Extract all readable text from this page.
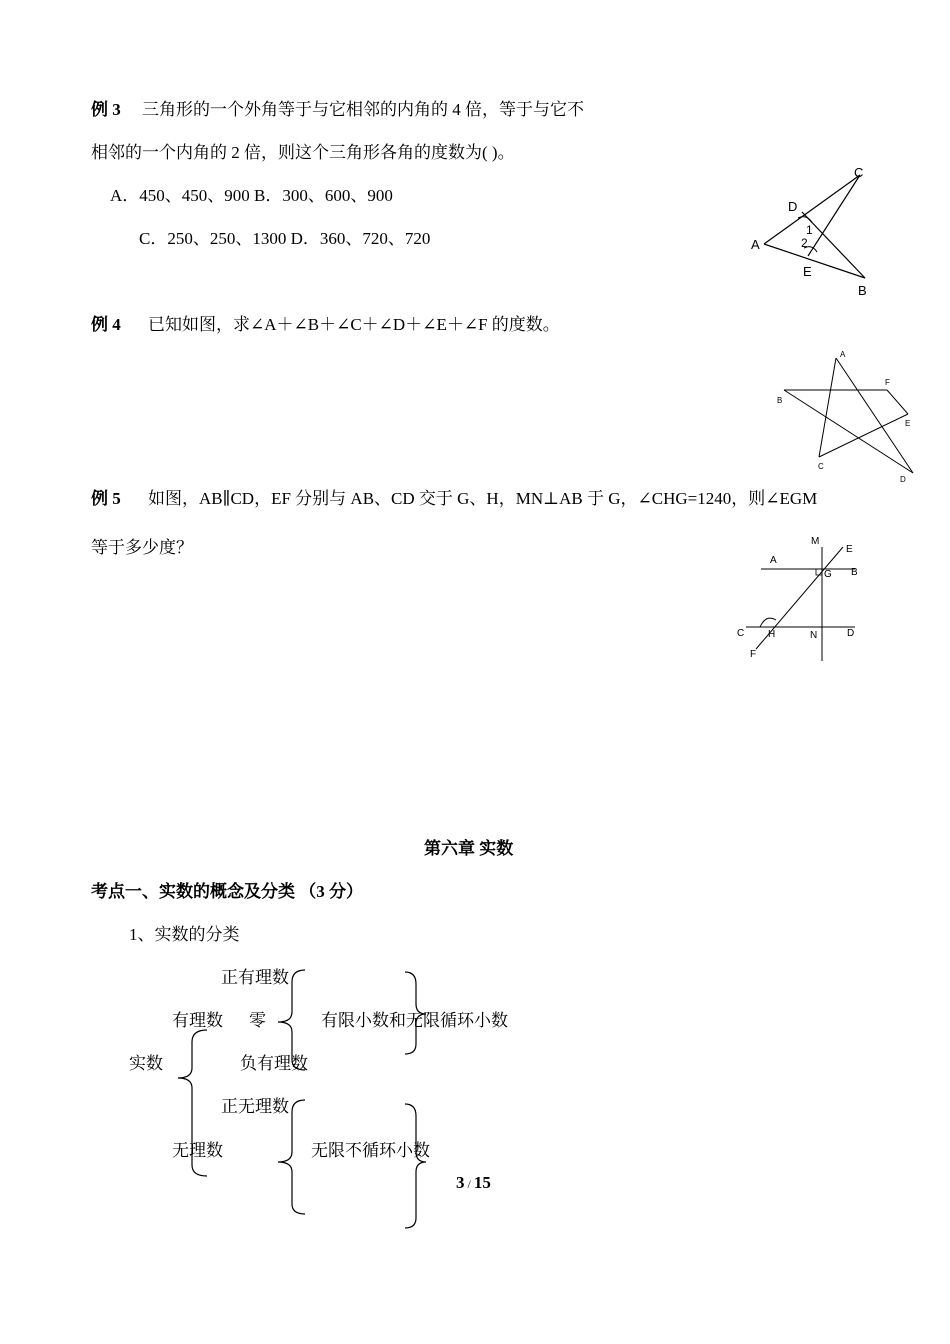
例 3 三角形的一个外角等于与它相邻的内角的 4 倍，等于与它不
相邻的一个内角的 2 倍，则这个三角形各角的度数为( )。
A．450、450、900 B．300、600、900
C．250、250、1300 D．360、720、720
C
D
A
1
2
E
B
例 4 已知如图，求∠A＋∠B＋∠C＋∠D＋∠E＋∠F 的度数。
A
F
B
E
C
D
例 5 如图，AB∥CD，EF 分别与 AB、CD 交于 G、H，MN⊥AB 于 G，∠CHG=1240，则∠EGM
等于多少度？	M
E
A
G B
C H	N	D
F
第六章 实数
考点一、实数的概念及分类 （3 分）
1、实数的分类
正有理数
有理数 零	有限小数和无限循环小数
实数	负有理数
正无理数
无理数	无限不循环小数
3 / 15
